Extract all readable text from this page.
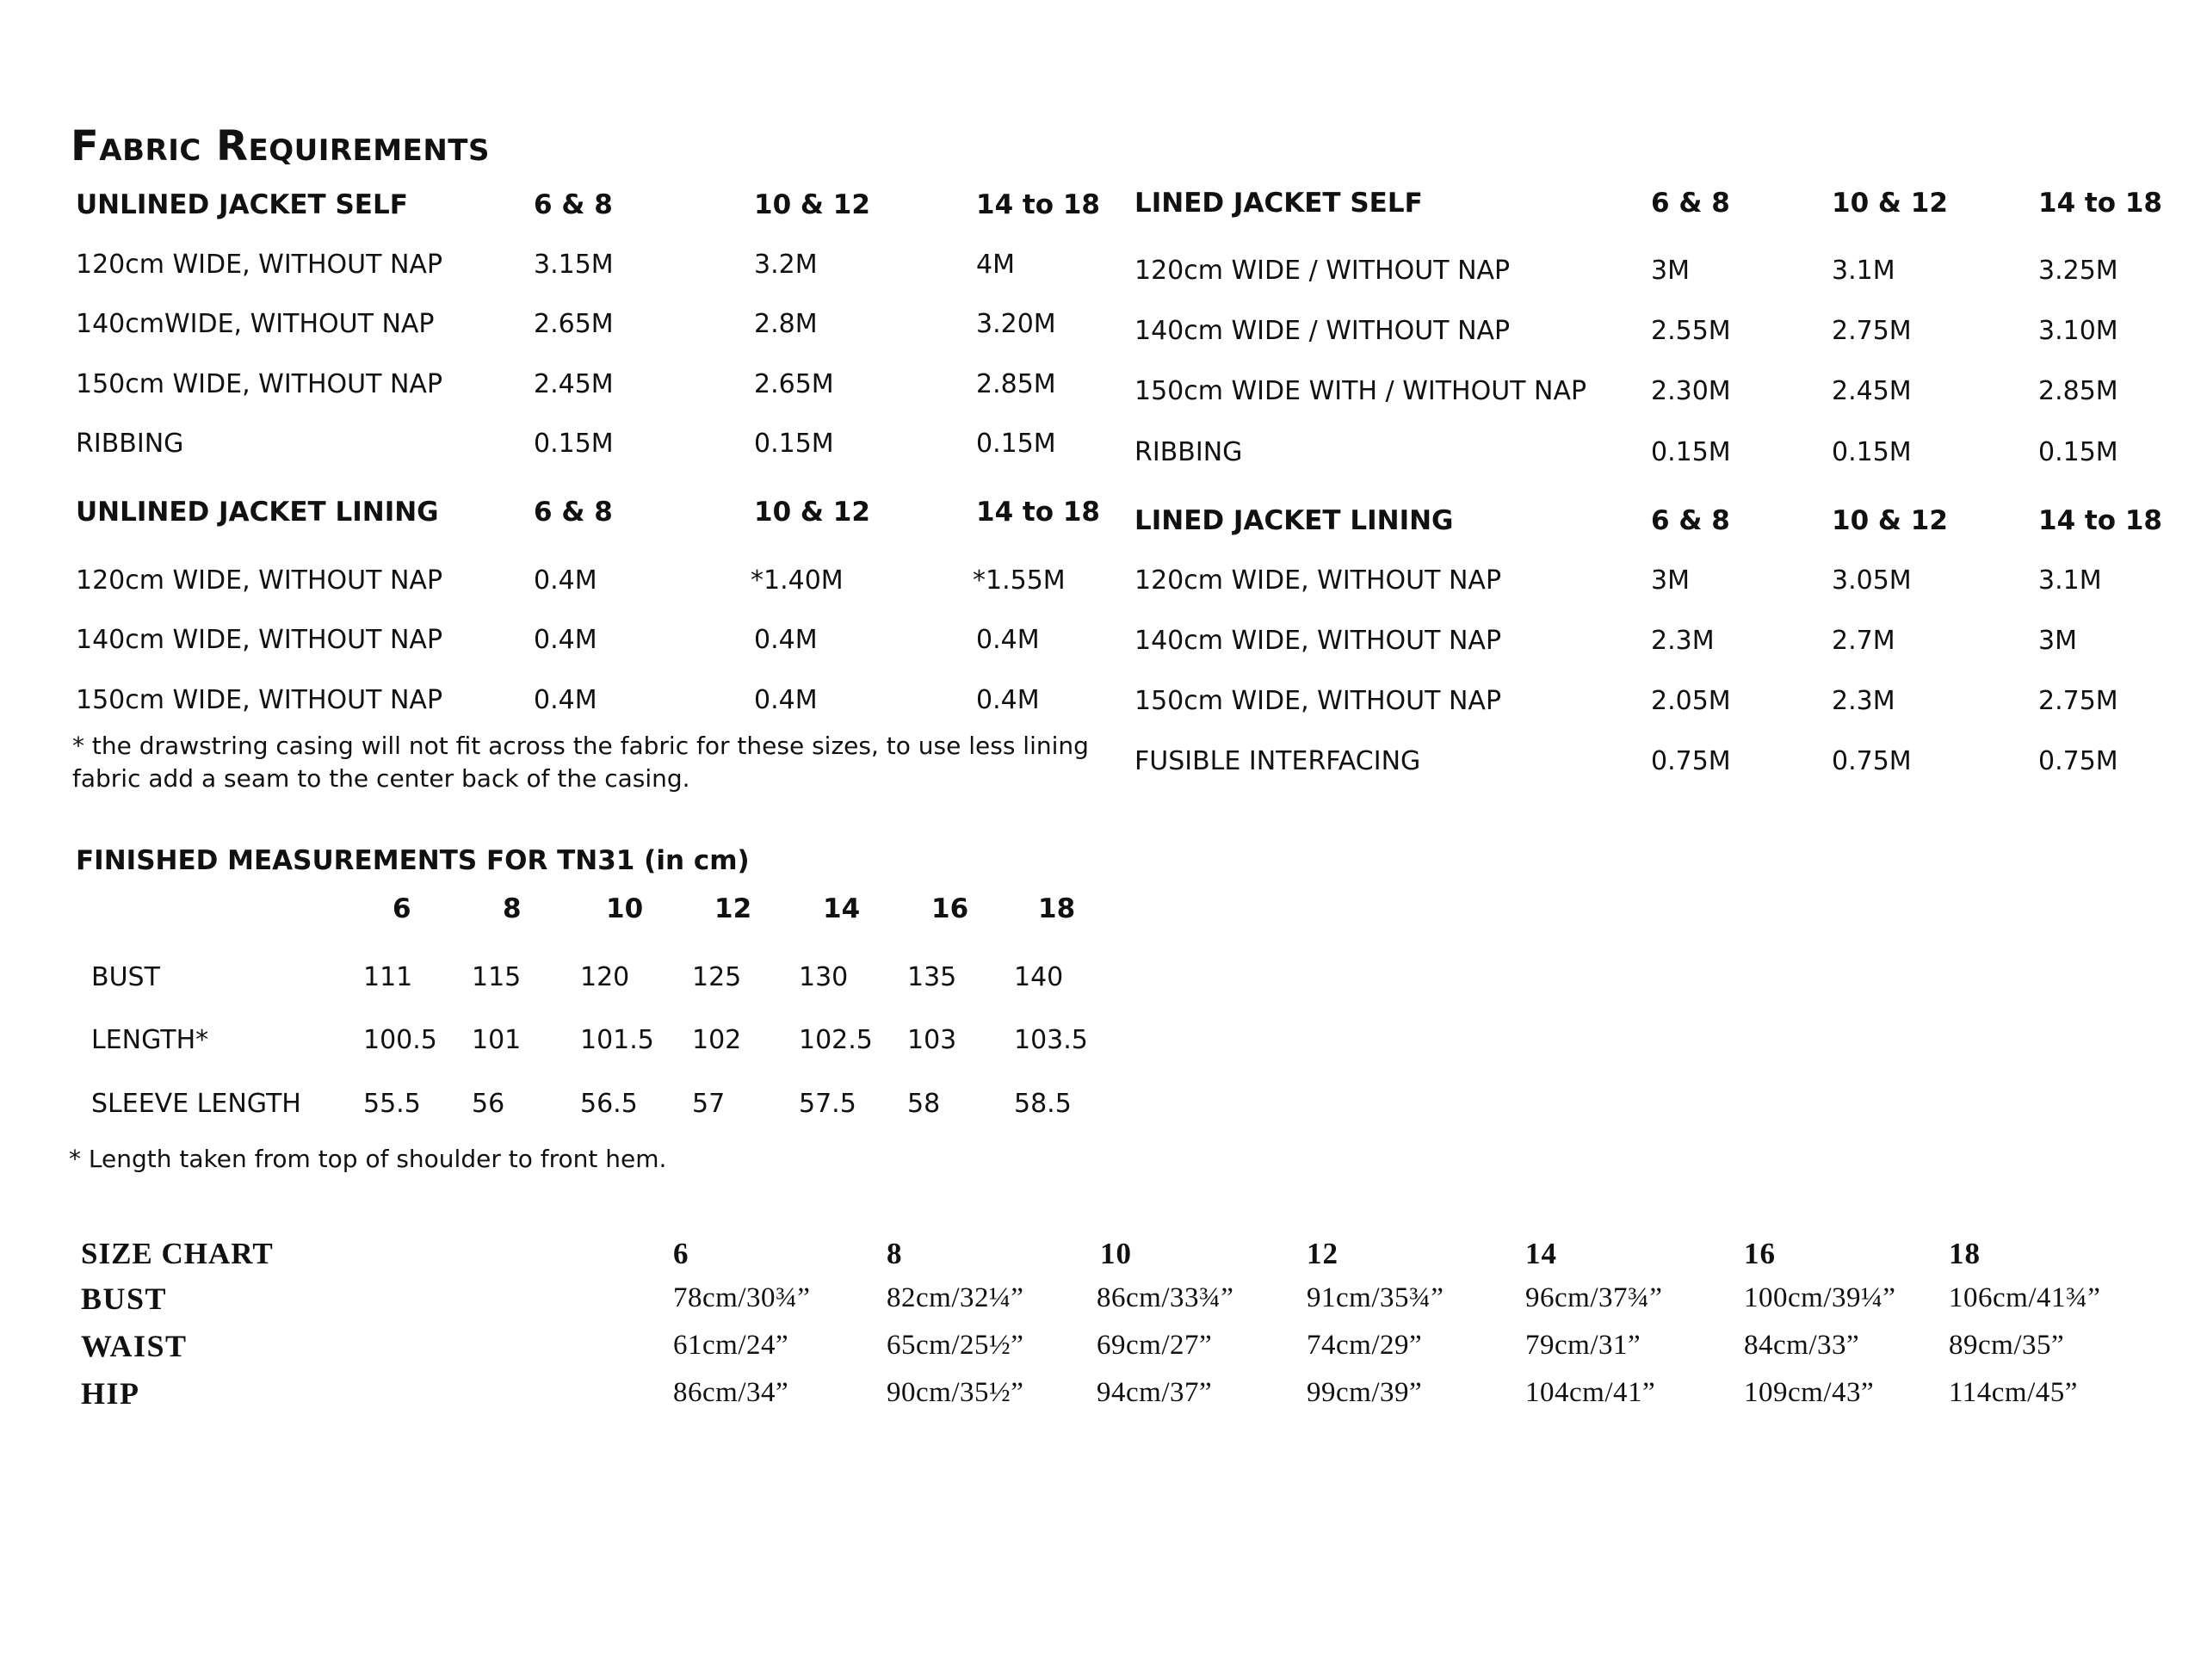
Fabric Requirements
UNLINED JACKET SELF	6 & 8	10 & 12	14 to 18
120cm WIDE, WITHOUT NAP	3.15M	3.2M	4M
140cmWIDE, WITHOUT NAP	2.65M	2.8M	3.20M
150cm WIDE, WITHOUT NAP	2.45M	2.65M	2.85M
RIBBING	0.15M	0.15M	0.15M
UNLINED JACKET LINING	6 & 8	10 & 12	14 to 18
120cm WIDE, WITHOUT NAP	0.4M	*1.40M	*1.55M
140cm WIDE, WITHOUT NAP	0.4M	0.4M	0.4M
150cm WIDE, WITHOUT NAP	0.4M	0.4M	0.4M
* the drawstring casing will not fit across the fabric for these sizes, to use less lining fabric add a seam to the center back of the casing.
LINED JACKET SELF	6 & 8	10 & 12	14 to 18
120cm WIDE / WITHOUT NAP	3M	3.1M	3.25M
140cm WIDE / WITHOUT NAP	2.55M	2.75M	3.10M
150cm WIDE WITH / WITHOUT NAP 2.30M	2.45M	2.85M
RIBBING	0.15M	0.15M	0.15M
LINED JACKET LINING	6 & 8	10 & 12	14 to 18
120cm WIDE, WITHOUT NAP	3M	3.05M	3.1M
140cm WIDE, WITHOUT NAP	2.3M	2.7M	3M
150cm WIDE, WITHOUT NAP	2.05M	2.3M	2.75M
FUSIBLE INTERFACING	0.75M	0.75M	0.75M
FINISHED MEASUREMENTS FOR TN31 (in cm)
6	8	10	12	14	16	18
BUST	111 115 120 125 130 135 140
LENGTH*	100.5 101 101.5 102 102.5 103 103.5
SLEEVE LENGTH 55.5 56	56.5 57	57.5 58	58.5
* Length taken from top of shoulder to front hem.
SIZE CHART	6	8	10	12	14	16	18
BUST	78cm/30¾”	82cm/32¼”	86cm/33¾”	91cm/35¾”	96cm/37¾”	100cm/39¼” 106cm/41¾”
WAIST	61cm/24”	65cm/25½”	69cm/27”	74cm/29”	79cm/31”	84cm/33”	89cm/35”
HIP	86cm/34”	90cm/35½”	94cm/37”	99cm/39”	104cm/41”	109cm/43”	114cm/45”
